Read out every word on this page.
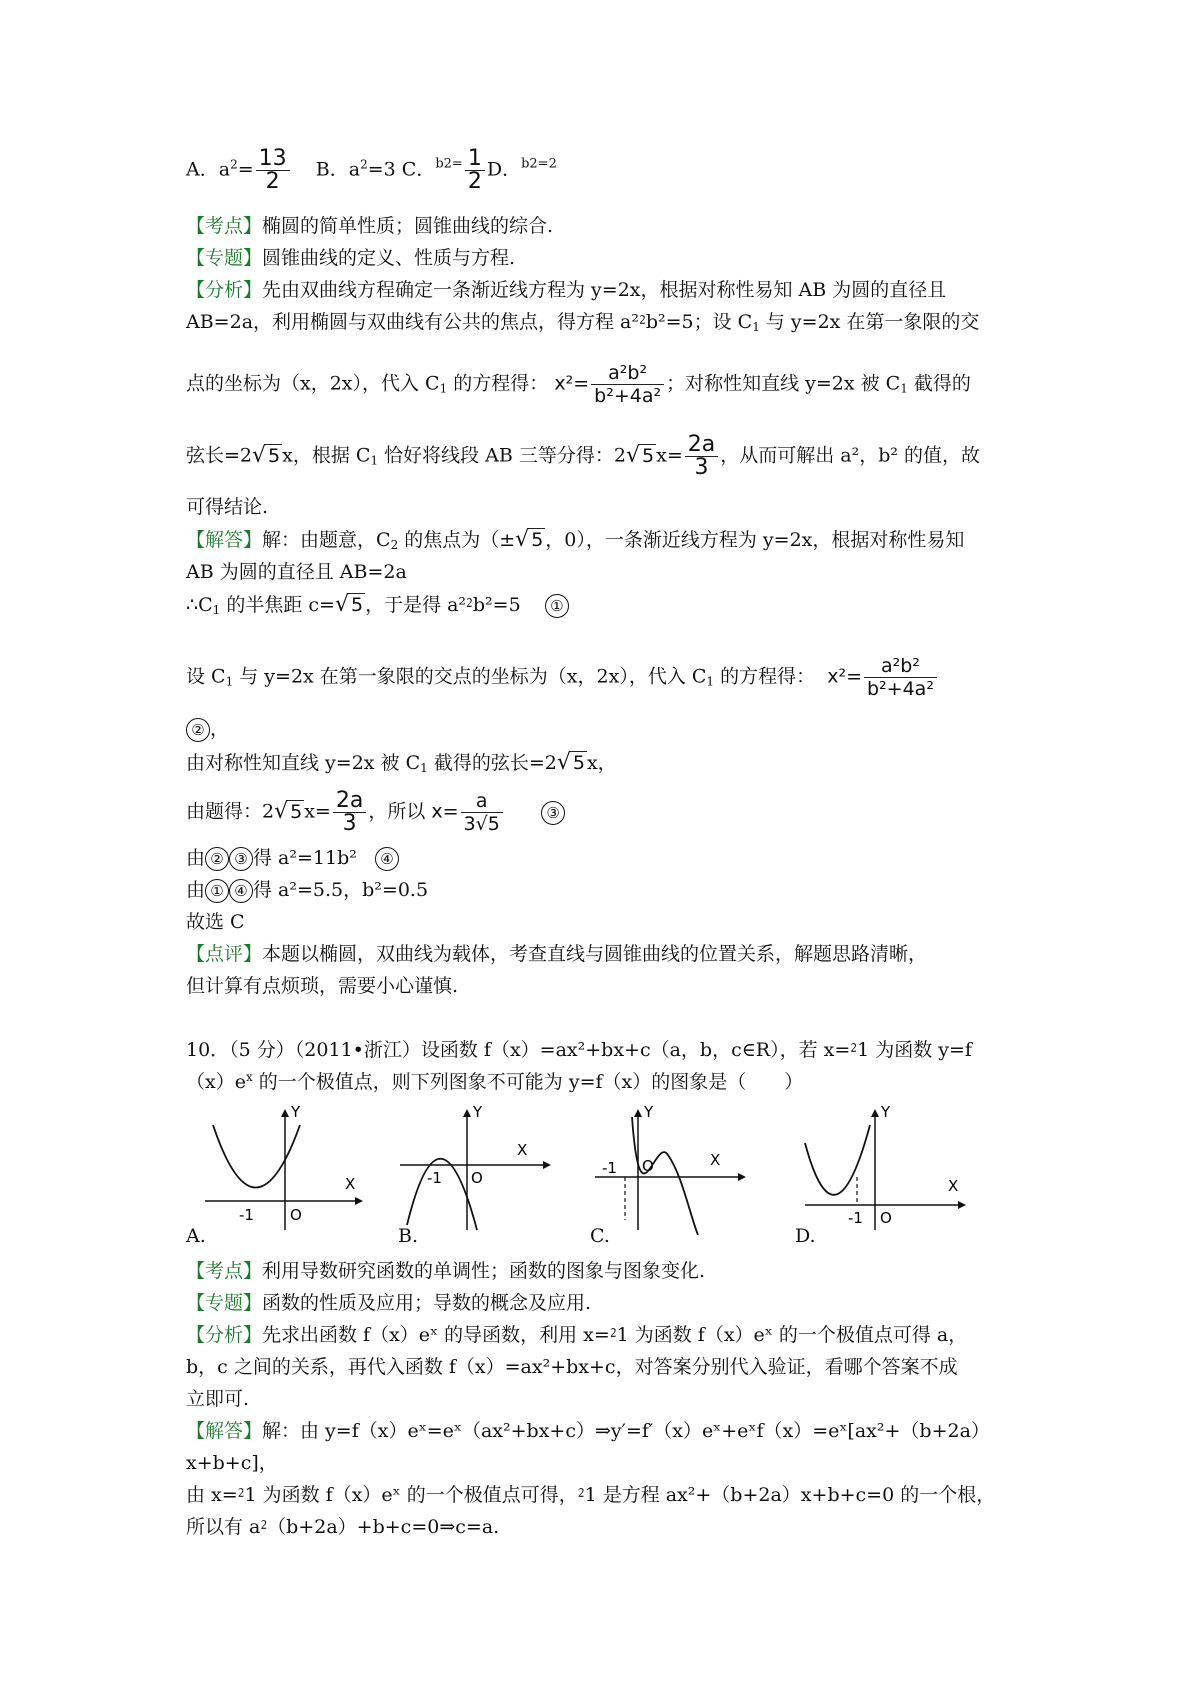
A．$a^2= \frac{13}{2}$ B．$a^2=3$ C．$^{b2=} \frac{1}{2}$ D．$^{b2=2}$
【考点】椭圆的简单性质；圆锥曲线的综合.
【专题】圆锥曲线的定义、性质与方程.
【分析】先由双曲线方程确定一条渐近线方程为 y=2x，根据对称性易知 AB 为圆的直径且
AB=2a，利用椭圆与双曲线有公共的焦点，得方程 a²⁲b²=5；设 $C_1$ 与 y=2x 在第一象限的交
点的坐标为（x，2x），代入 $C_1$ 的方程得： $x^2= \frac{\text{a²b²}}{\text{b²+4a²}}$ ；对称性知直线 y=2x 被 $C_1$ 截得的
弦长=2√ 5 x，根据 $C_1$ 恰好将线段 AB 三等分得：2√ 5 $x= \frac{2a}{3}$ ，从而可解出 a²，b² 的值，故
可得结论.
【解答】解：由题意，$C_2$ 的焦点为（±√ 5 ，0），一条渐近线方程为 y=2x，根据对称性易知
AB 为圆的直径且 AB=2a
$\therefore C_1$ 的半焦距 c=√ 5 ，于是得 a²⁲b²=5 ①
设 $C_1$ 与 y=2x 在第一象限的交点的坐标为（x，2x），代入 $C_1$ 的方程得： $x^2= \frac{\text{a²b²}}{\text{b²+4a²}}$
② ，
由对称性知直线 y=2x 被 $C_1$ 截得的弦长=2√ 5 x，
由题得：2√ 5 $x= \frac{2a}{3}$ ，所以 $x= \frac{a}{3√5}$	③
由 ② ③ 得 a²=11b² ④
由 ① ④ 得 a²=5.5，b²=0.5
故选 C
【点评】本题以椭圆，双曲线为载体，考查直线与圆锥曲线的位置关系，解题思路清晰，
但计算有点烦琐，需要小心谨慎.
10．（5 分）（2011•浙江）设函数 f（x）=ax²+bx+c（a，b，c∈R），若 x=⁲1 为函数 y=f
$(x)e^x$ 的一个极值点，则下列图象不可能为 y=f（x）的图象是（　　）
X
Y
O
-1
A.
X
Y
O
-1
B.
X
Y
O
-1
C.
X
Y
O
-1
D.
【考点】利用导数研究函数的单调性；函数的图象与图象变化.
【专题】函数的性质及应用；导数的概念及应用.
【分析】先求出函数 f（x）eˣ 的导函数，利用 x=⁲1 为函数 f（x）eˣ 的一个极值点可得 a，
b，c 之间的关系，再代入函数 f（x）=ax²+bx+c，对答案分别代入验证，看哪个答案不成
立即可.
【解答】解：由 y=f（x）eˣ=eˣ（ax²+bx+c）⇒y′=f′（x）eˣ+eˣf（x）=eˣ[ax²+（b+2a）
x+b+c]，
由 x=⁲1 为函数 f（x）eˣ 的一个极值点可得，⁲1 是方程 ax²+（b+2a）x+b+c=0 的一个根，
所以有 a⁲（b+2a）+b+c=0⇒c=a.
